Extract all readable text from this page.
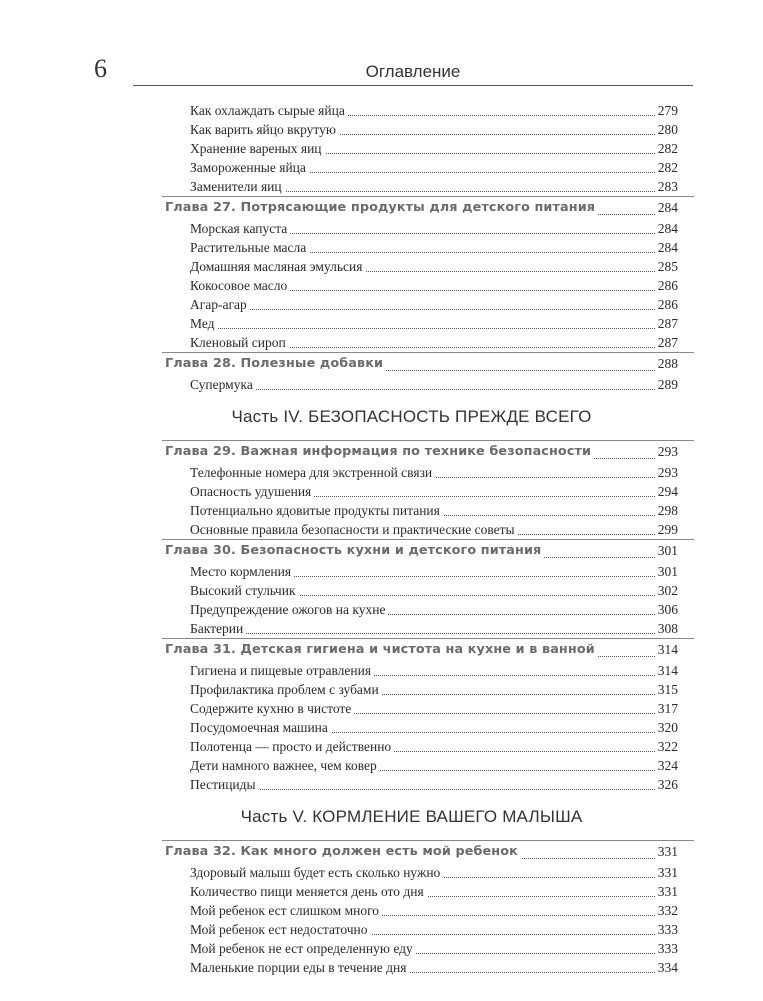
6	Оглавление
Как охлаждать сырые яйца	279
Как варить яйцо вкрутую	280
Хранение вареных яиц	282
Замороженные яйца	282
Заменители яиц	283
Глава 27. Потрясающие продукты для детского питания	284
Морская капуста	284
Растительные масла	284
Домашняя масляная эмульсия	285
Кокосовое масло	286
Агар-агар	286
Мед	287
Кленовый сироп	287
Глава 28. Полезные добавки	288
Супермука	289
Часть IV. БЕЗОПАСНОСТЬ ПРЕЖДЕ ВСЕГО
Глава 29. Важная информация по технике безопасности	293
Телефонные номера для экстренной связи	293
Опасность удушения	294
Потенциально ядовитые продукты питания	298
Основные правила безопасности и практические советы	299
Глава 30. Безопасность кухни и детского питания	301
Место кормления	301
Высокий стульчик	302
Предупреждение ожогов на кухне	306
Бактерии	308
Глава 31. Детская гигиена и чистота на кухне и в ванной	314
Гигиена и пищевые отравления	314
Профилактика проблем с зубами	315
Содержите кухню в чистоте	317
Посудомоечная машина	320
Полотенца — просто и действенно	322
Дети намного важнее, чем ковер	324
Пестициды	326
Часть V. КОРМЛЕНИЕ ВАШЕГО МАЛЫША
Глава 32. Как много должен есть мой ребенок	331
Здоровый малыш будет есть сколько нужно	331
Количество пищи меняется день ото дня	331
Мой ребенок ест слишком много	332
Мой ребенок ест недостаточно	333
Мой ребенок не ест определенную еду	333
Маленькие порции еды в течение дня	334
